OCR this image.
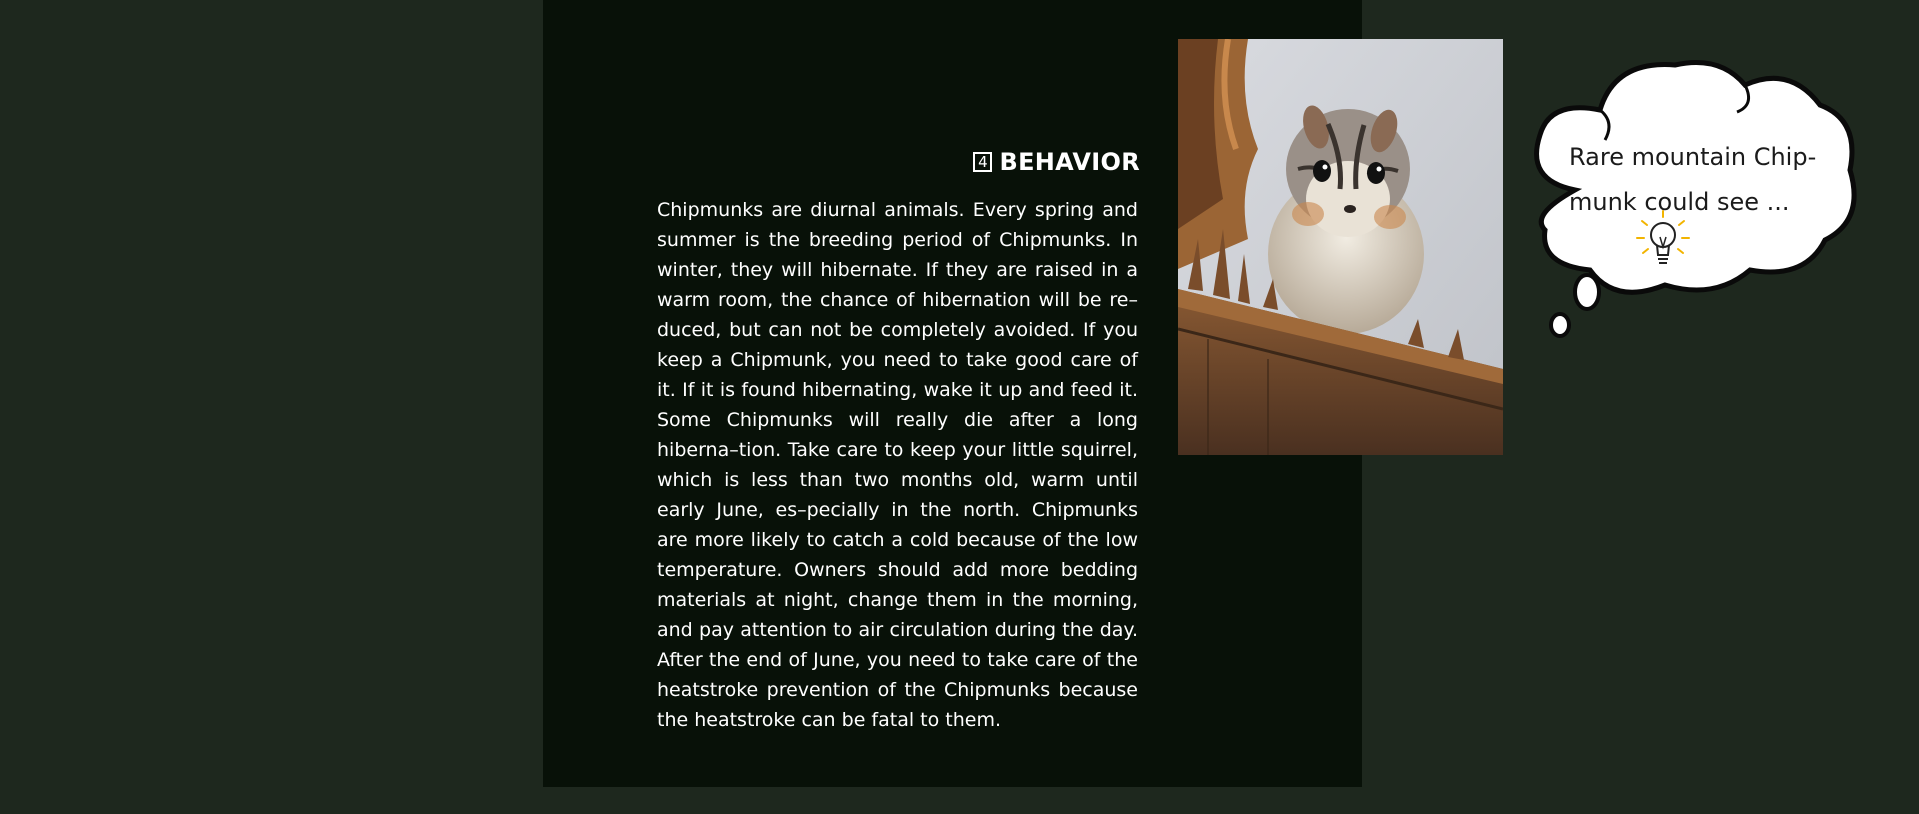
4 BEHAVIOR

Chipmunks are diurnal animals. Every spring and summer is the breeding period of Chipmunks. In winter, they will hibernate. If they are raised in a warm room, the chance of hibernation will be re–duced, but can not be completely avoided. If you keep a Chipmunk, you need to take good care of it. If it is found hibernating, wake it up and feed it. Some Chipmunks will really die after a long hiberna–tion. Take care to keep your little squirrel, which is less than two months old, warm until early June, es–pecially in the north. Chipmunks are more likely to catch a cold because of the low temperature. Owners should add more bedding materials at night, change them in the morning, and pay attention to air circulation during the day. After the end of June, you need to take care of the heatstroke prevention of the Chipmunks because the heatstroke can be fatal to them.

Rare mountain Chip-munk could see ...
